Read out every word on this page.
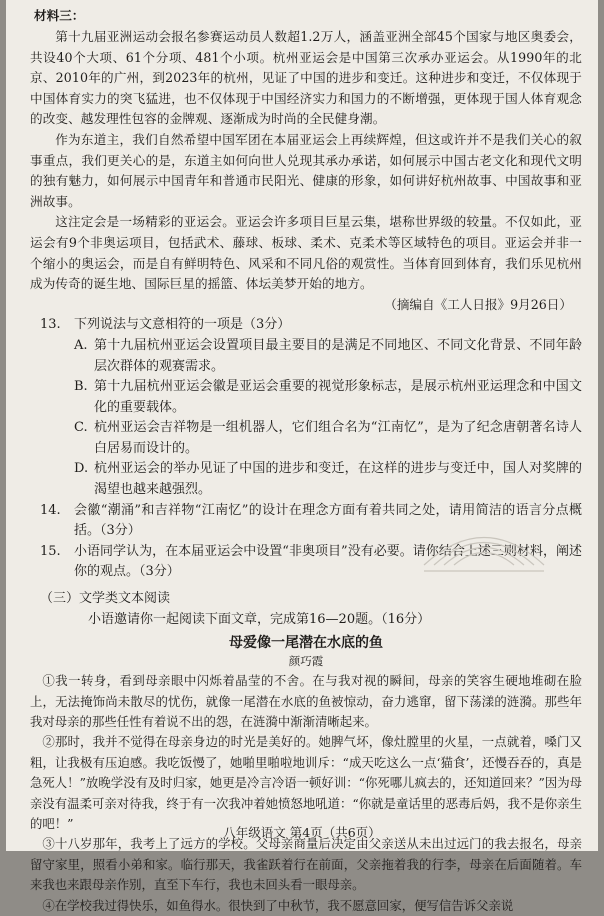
材料三：

第十九届亚洲运动会报名参赛运动员人数超1.2万人，涵盖亚洲全部45个国家与地区奥委会，共设40个大项、61个分项、481个小项。杭州亚运会是中国第三次承办亚运会。从1990年的北京、2010年的广州，到2023年的杭州，见证了中国的进步和变迁。这种进步和变迁，不仅体现于中国体育实力的突飞猛进，也不仅体现于中国经济实力和国力的不断增强，更体现于国人体育观念的改变、越发理性包容的金牌观、逐渐成为时尚的全民健身潮。

作为东道主，我们自然希望中国军团在本届亚运会上再续辉煌，但这或许并不是我们关心的叙事重点，我们更关心的是，东道主如何向世人兑现其承办承诺，如何展示中国古老文化和现代文明的独有魅力，如何展示中国青年和普通市民阳光、健康的形象，如何讲好杭州故事、中国故事和亚洲故事。

这注定会是一场精彩的亚运会。亚运会许多项目巨星云集，堪称世界级的较量。不仅如此，亚运会有9个非奥运项目，包括武术、藤球、板球、柔术、克柔术等区域特色的项目。亚运会并非一个缩小的奥运会，而是自有鲜明特色、风采和不同凡俗的观赏性。当体育回到体育，我们乐见杭州成为传奇的诞生地、国际巨星的摇篮、体坛美梦开始的地方。

（摘编自《工人日报》9月26日）

13.	下列说法与文意相符的一项是（3分）
A. 第十九届杭州亚运会设置项目最主要目的是满足不同地区、不同文化背景、不同年龄层次群体的观赛需求。
B. 第十九届杭州亚运会徽是亚运会重要的视觉形象标志，是展示杭州亚运理念和中国文化的重要载体。
C. 杭州亚运会吉祥物是一组机器人，它们组合名为“江南忆”，是为了纪念唐朝著名诗人白居易而设计的。
D. 杭州亚运会的举办见证了中国的进步和变迁，在这样的进步与变迁中，国人对奖牌的渴望也越来越强烈。
14.	会徽“潮涌”和吉祥物“江南忆”的设计在理念方面有着共同之处，请用简洁的语言分点概括。（3分）
15.	小语同学认为，在本届亚运会中设置“非奥项目”没有必要。请你结合上述三则材料，阐述你的观点。（3分）

（三）文学类文本阅读

小语邀请你一起阅读下面文章，完成第16—20题。（16分）

母爱像一尾潜在水底的鱼

颜巧霞

①我一转身，看到母亲眼中闪烁着晶莹的不舍。在与我对视的瞬间，母亲的笑容生硬地堆砌在脸上，无法掩饰尚未散尽的忧伤，就像一尾潜在水底的鱼被惊动，奋力逃窜，留下荡漾的涟漪。那些年我对母亲的那些任性有着说不出的怨，在涟漪中渐渐清晰起来。

②那时，我并不觉得在母亲身边的时光是美好的。她脾气坏，像灶膛里的火星，一点就着，嗓门又粗，让我极有压迫感。我吃饭慢了，她啪里啪啦地训斥：“成天吃这么一点‘猫食’，还慢吞吞的，真是急死人！”放晚学没有及时归家，她更是冷言冷语一顿好训：“你死哪儿疯去的，还知道回来？”因为母亲没有温柔可亲对待我，终于有一次我冲着她愤怒地吼道：“你就是童话里的恶毒后妈，我不是你亲生的吧！”

③十八岁那年，我考上了远方的学校。父母亲商量后决定由父亲送从未出过远门的我去报名，母亲留守家里，照看小弟和家。临行那天，我雀跃着行在前面，父亲拖着我的行李，母亲在后面随着。车来我也来跟母亲作别，直至下车行，我也未回头看一眼母亲。

④在学校我过得快乐，如鱼得水。很快到了中秋节，我不愿意回家，便写信告诉父亲说

八年级语文 第4页（共6页）
